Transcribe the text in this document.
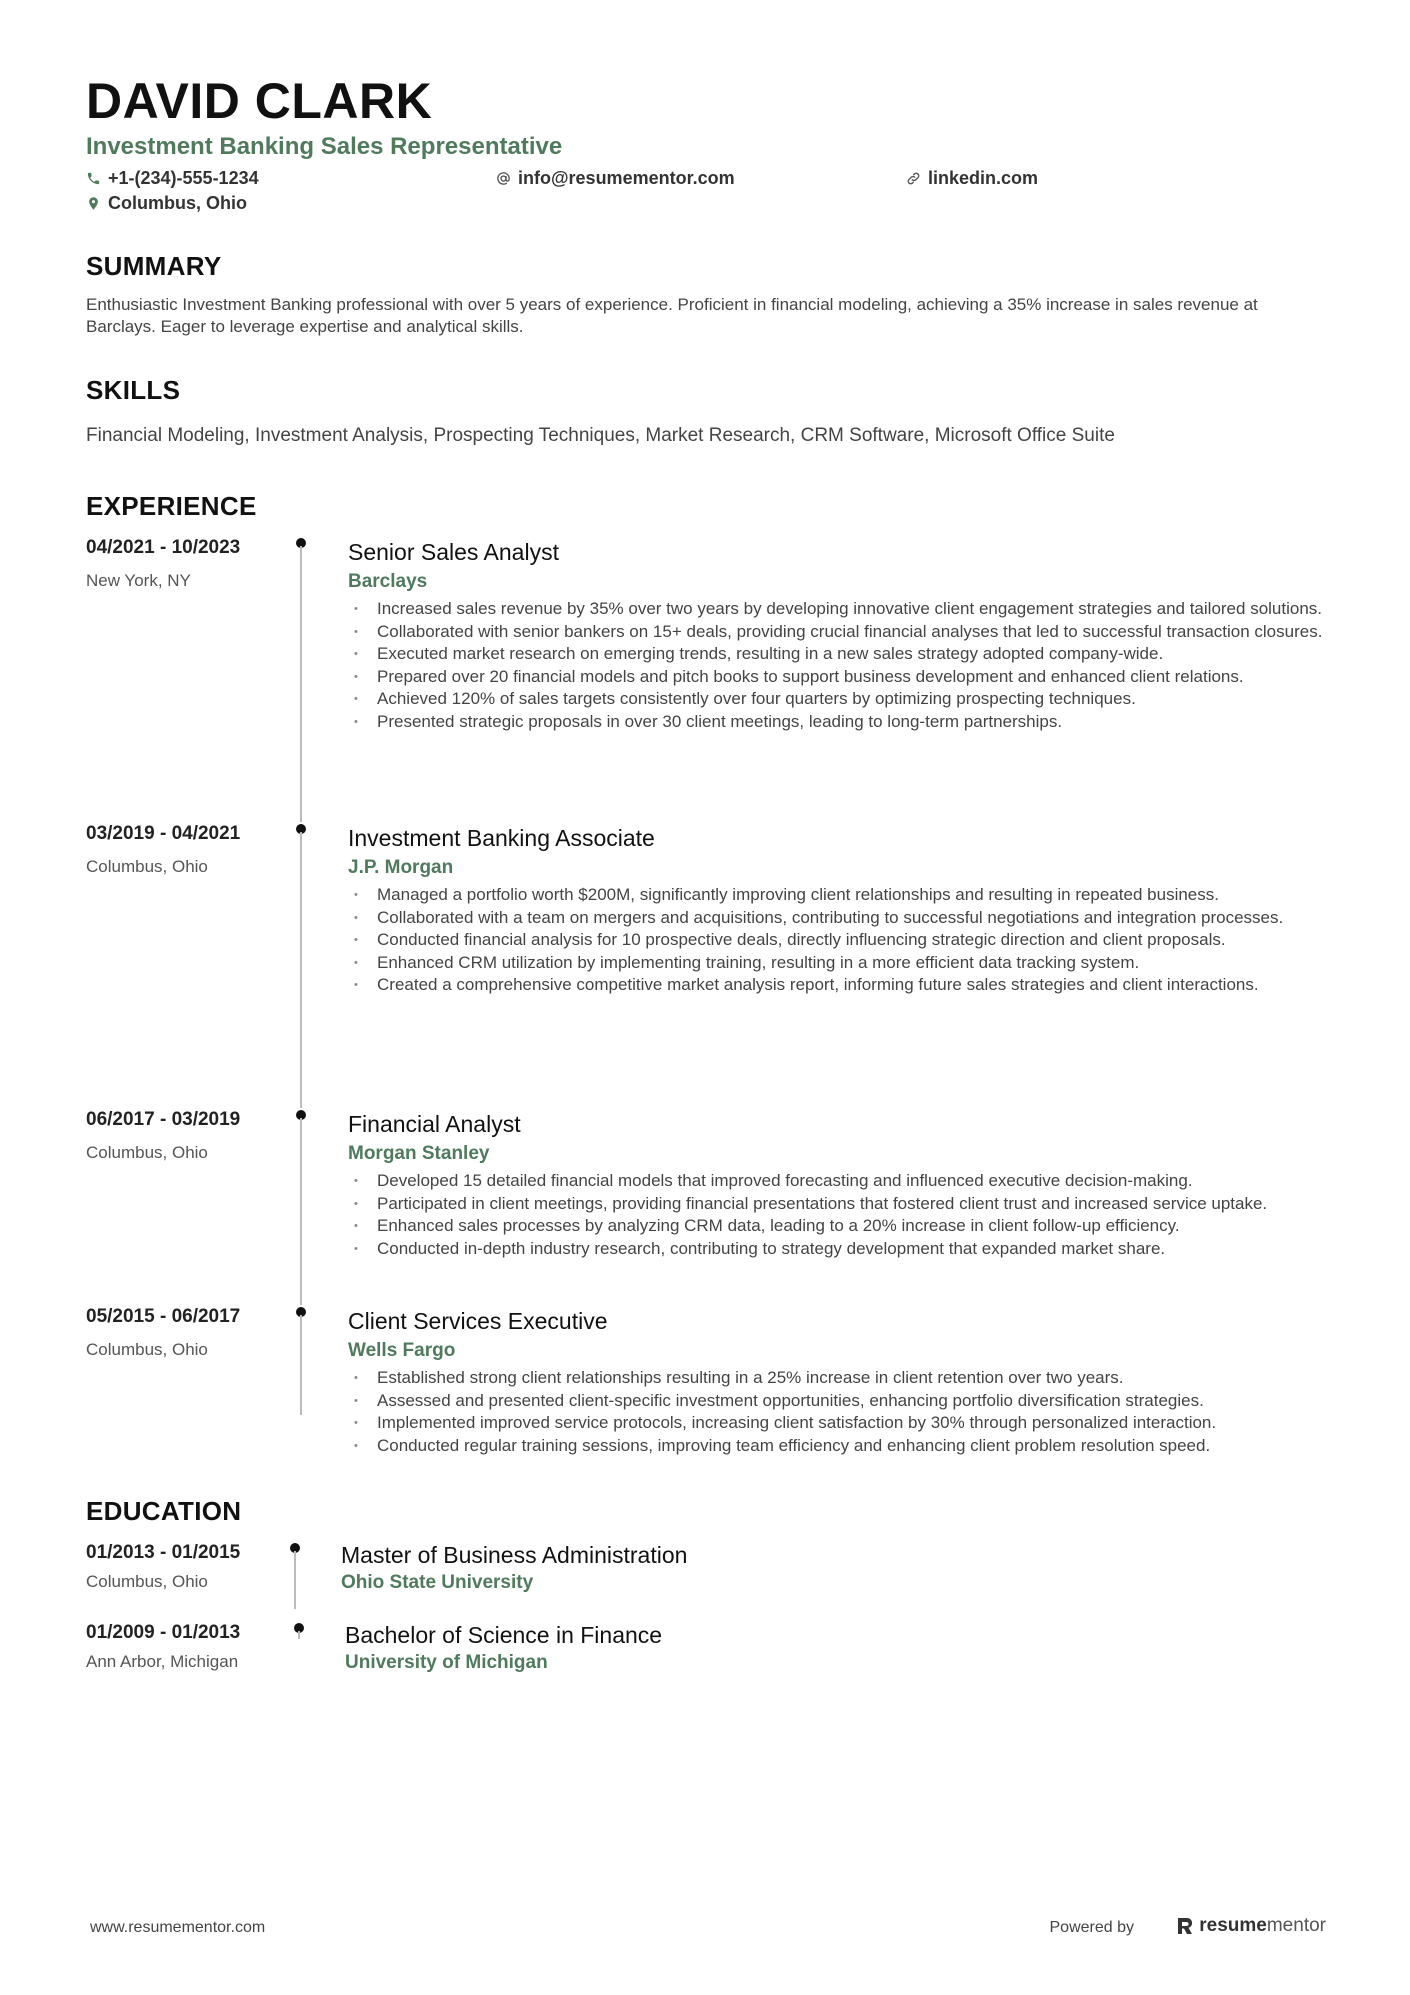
DAVID CLARK
Investment Banking Sales Representative
+1-(234)-555-1234	info@resumementor.com	linkedin.com
Columbus, Ohio
SUMMARY
Enthusiastic Investment Banking professional with over 5 years of experience. Proficient in financial modeling, achieving a 35% increase in sales revenue at Barclays. Eager to leverage expertise and analytical skills.
SKILLS
Financial Modeling, Investment Analysis, Prospecting Techniques, Market Research, CRM Software, Microsoft Office Suite
EXPERIENCE
04/2021 - 10/2023
New York, NY
Senior Sales Analyst
Barclays
• Increased sales revenue by 35% over two years by developing innovative client engagement strategies and tailored solutions.
• Collaborated with senior bankers on 15+ deals, providing crucial financial analyses that led to successful transaction closures.
• Executed market research on emerging trends, resulting in a new sales strategy adopted company-wide.
• Prepared over 20 financial models and pitch books to support business development and enhanced client relations.
• Achieved 120% of sales targets consistently over four quarters by optimizing prospecting techniques.
• Presented strategic proposals in over 30 client meetings, leading to long-term partnerships.
03/2019 - 04/2021
Columbus, Ohio
Investment Banking Associate
J.P. Morgan
• Managed a portfolio worth $200M, significantly improving client relationships and resulting in repeated business.
• Collaborated with a team on mergers and acquisitions, contributing to successful negotiations and integration processes.
• Conducted financial analysis for 10 prospective deals, directly influencing strategic direction and client proposals.
• Enhanced CRM utilization by implementing training, resulting in a more efficient data tracking system.
• Created a comprehensive competitive market analysis report, informing future sales strategies and client interactions.
06/2017 - 03/2019
Columbus, Ohio
Financial Analyst
Morgan Stanley
• Developed 15 detailed financial models that improved forecasting and influenced executive decision-making.
• Participated in client meetings, providing financial presentations that fostered client trust and increased service uptake.
• Enhanced sales processes by analyzing CRM data, leading to a 20% increase in client follow-up efficiency.
• Conducted in-depth industry research, contributing to strategy development that expanded market share.
05/2015 - 06/2017
Columbus, Ohio
Client Services Executive
Wells Fargo
• Established strong client relationships resulting in a 25% increase in client retention over two years.
• Assessed and presented client-specific investment opportunities, enhancing portfolio diversification strategies.
• Implemented improved service protocols, increasing client satisfaction by 30% through personalized interaction.
• Conducted regular training sessions, improving team efficiency and enhancing client problem resolution speed.
EDUCATION
01/2013 - 01/2015
Columbus, Ohio
Master of Business Administration
Ohio State University
01/2009 - 01/2013
Ann Arbor, Michigan
Bachelor of Science in Finance
University of Michigan
www.resumementor.com	Powered by	resumementor
